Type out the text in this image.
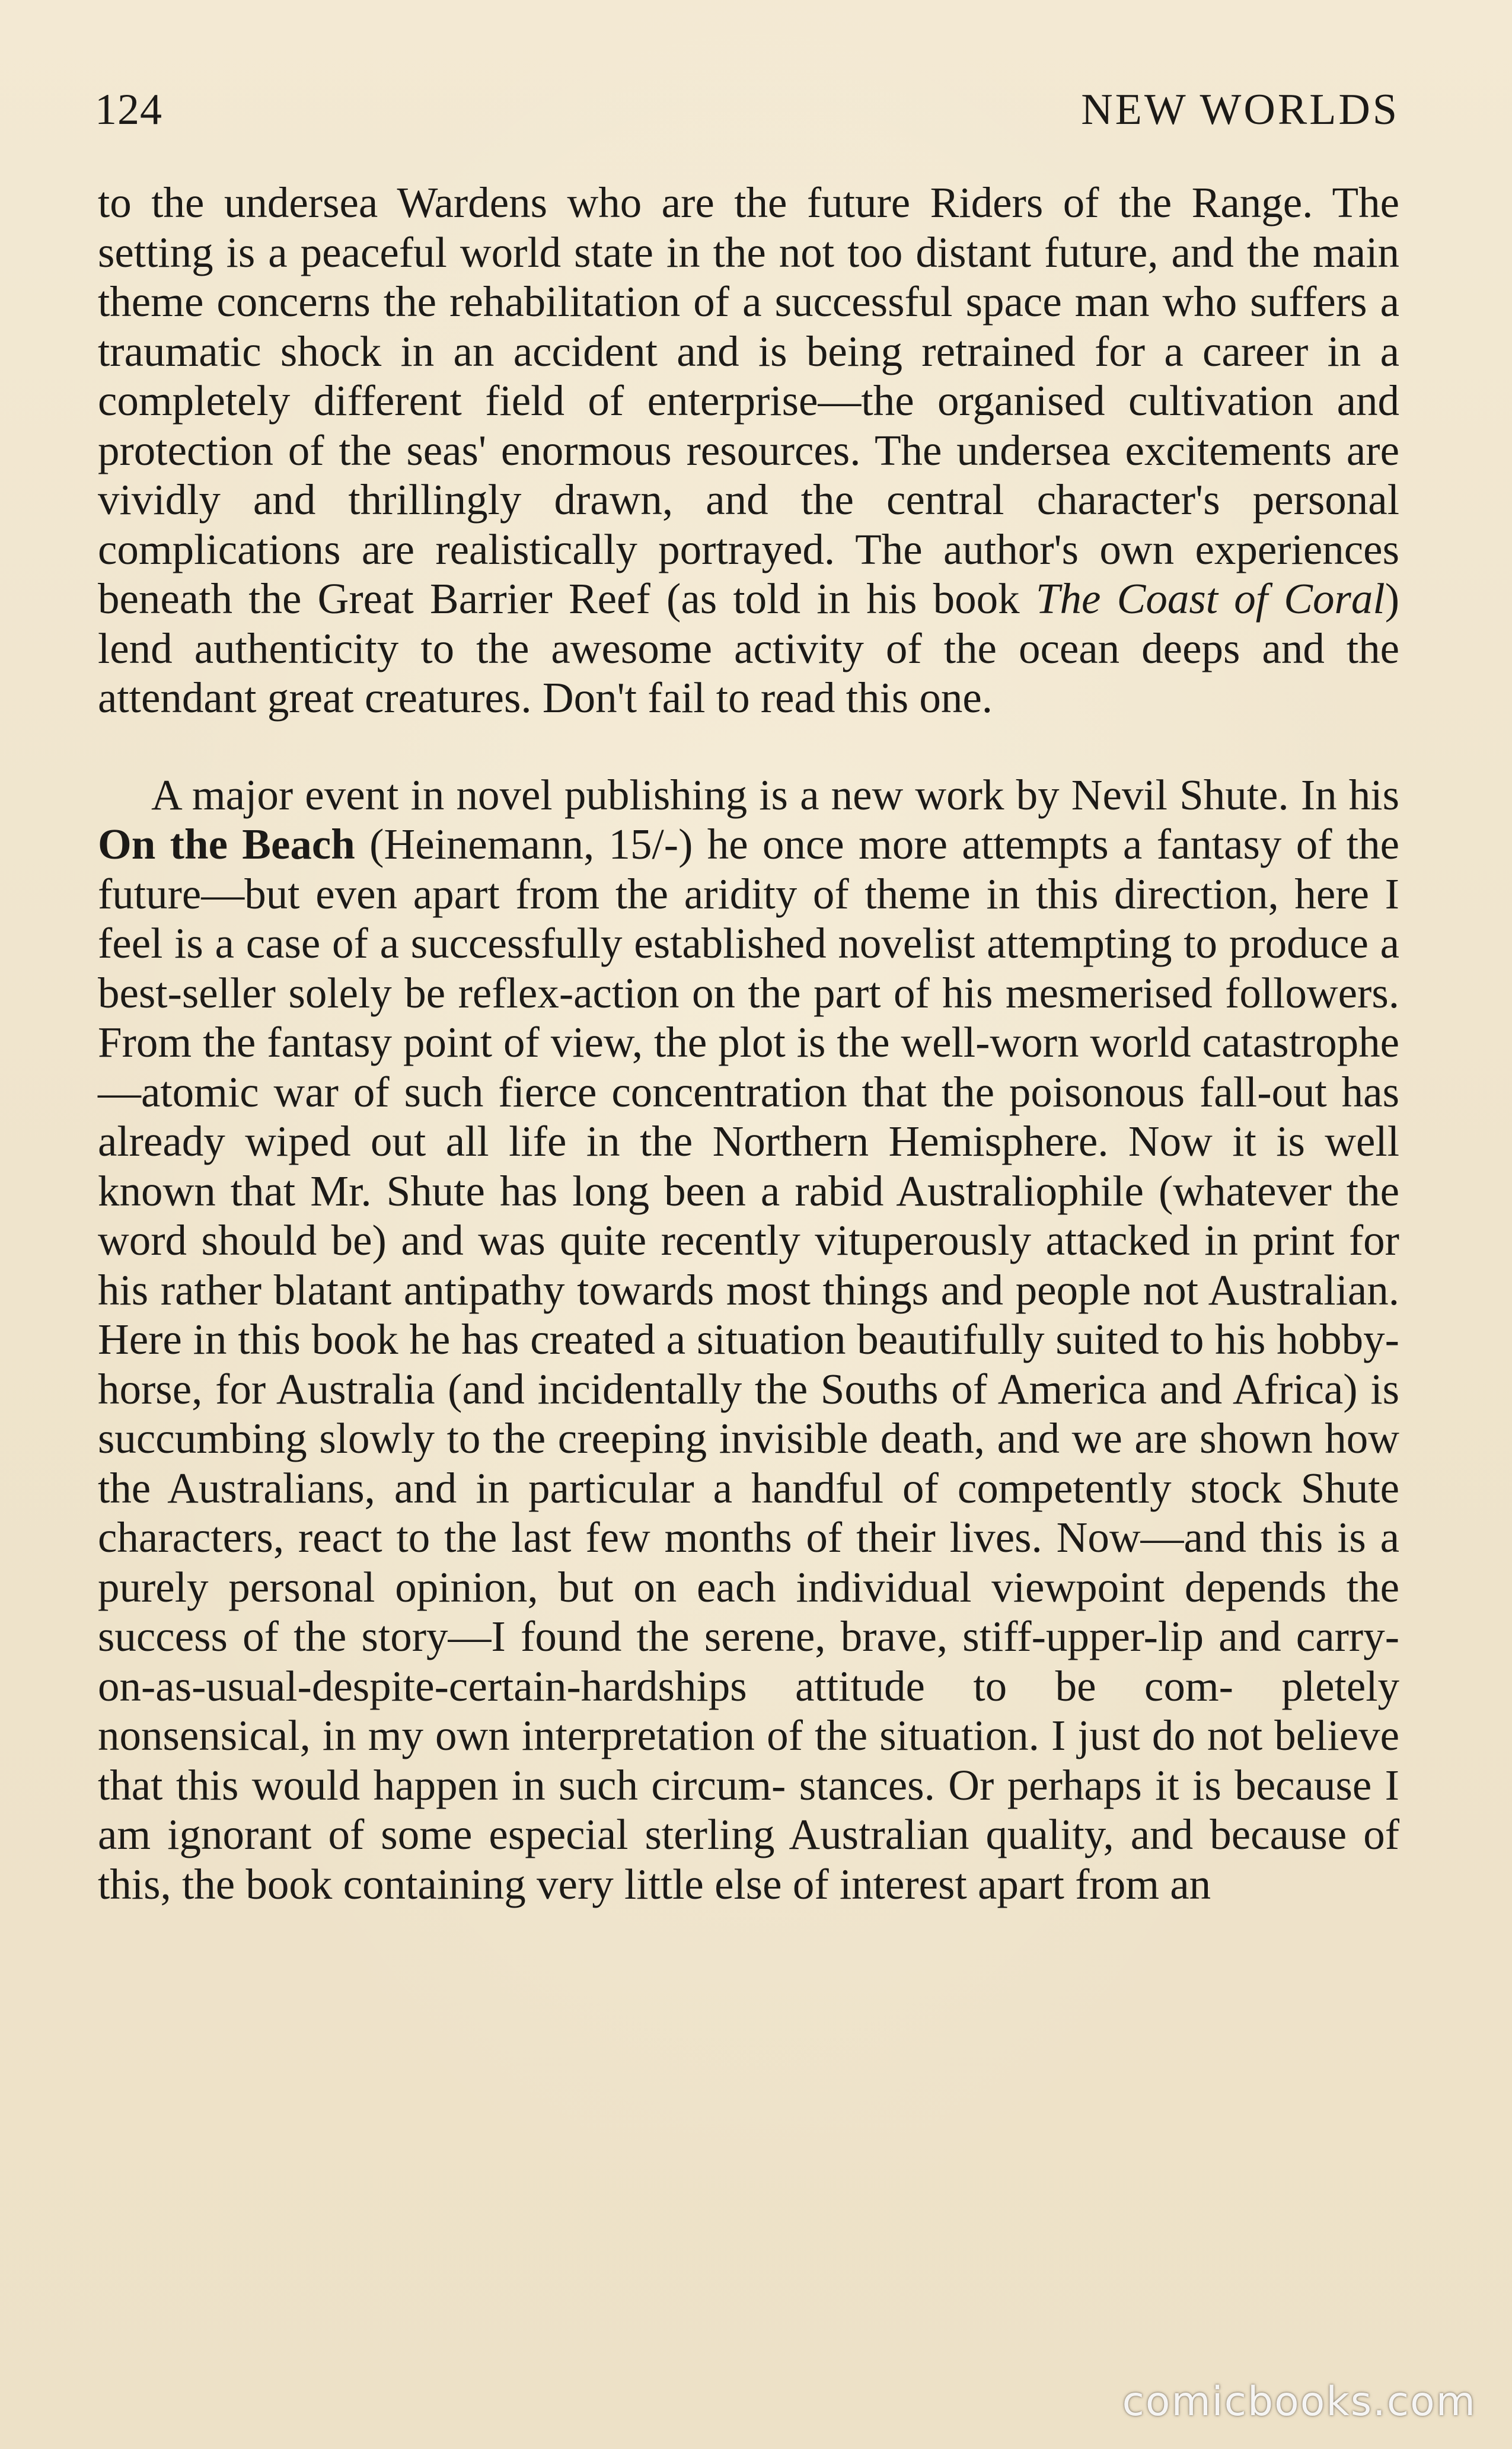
124	NEW WORLDS

to the undersea Wardens who are the future Riders of the Range. The setting is a peaceful world state in the not too distant future, and the main theme concerns the rehabilitation of a successful space man who suffers a traumatic shock in an accident and is being retrained for a career in a completely different field of enterprise—the organised cultivation and protection of the seas' enormous resources. The undersea excitements are vividly and thrillingly drawn, and the central character's personal complications are realistically portrayed. The author's own experiences beneath the Great Barrier Reef (as told in his book The Coast of Coral) lend authenticity to the awesome activity of the ocean deeps and the attendant great creatures. Don't fail to read this one.

A major event in novel publishing is a new work by Nevil Shute. In his On the Beach (Heinemann, 15/-) he once more attempts a fantasy of the future—but even apart from the aridity of theme in this direction, here I feel is a case of a successfully established novelist attempting to produce a best-seller solely be reflex-action on the part of his mesmerised followers. From the fantasy point of view, the plot is the well-worn world catastrophe—atomic war of such fierce concentration that the poisonous fall-out has already wiped out all life in the Northern Hemisphere. Now it is well known that Mr. Shute has long been a rabid Australiophile (whatever the word should be) and was quite recently vituperously attacked in print for his rather blatant antipathy towards most things and people not Australian. Here in this book he has created a situation beautifully suited to his hobby-horse, for Australia (and incidentally the Souths of America and Africa) is succumbing slowly to the creeping invisible death, and we are shown how the Australians, and in particular a handful of competently stock Shute characters, react to the last few months of their lives. Now—and this is a purely personal opinion, but on each individual viewpoint depends the success of the story—I found the serene, brave, stiff-upper-lip and carry-on-as-usual-despite-certain-hardships attitude to be com- pletely nonsensical, in my own interpretation of the situation. I just do not believe that this would happen in such circum- stances. Or perhaps it is because I am ignorant of some especial sterling Australian quality, and because of this, the book containing very little else of interest apart from an

comicbooks.com
